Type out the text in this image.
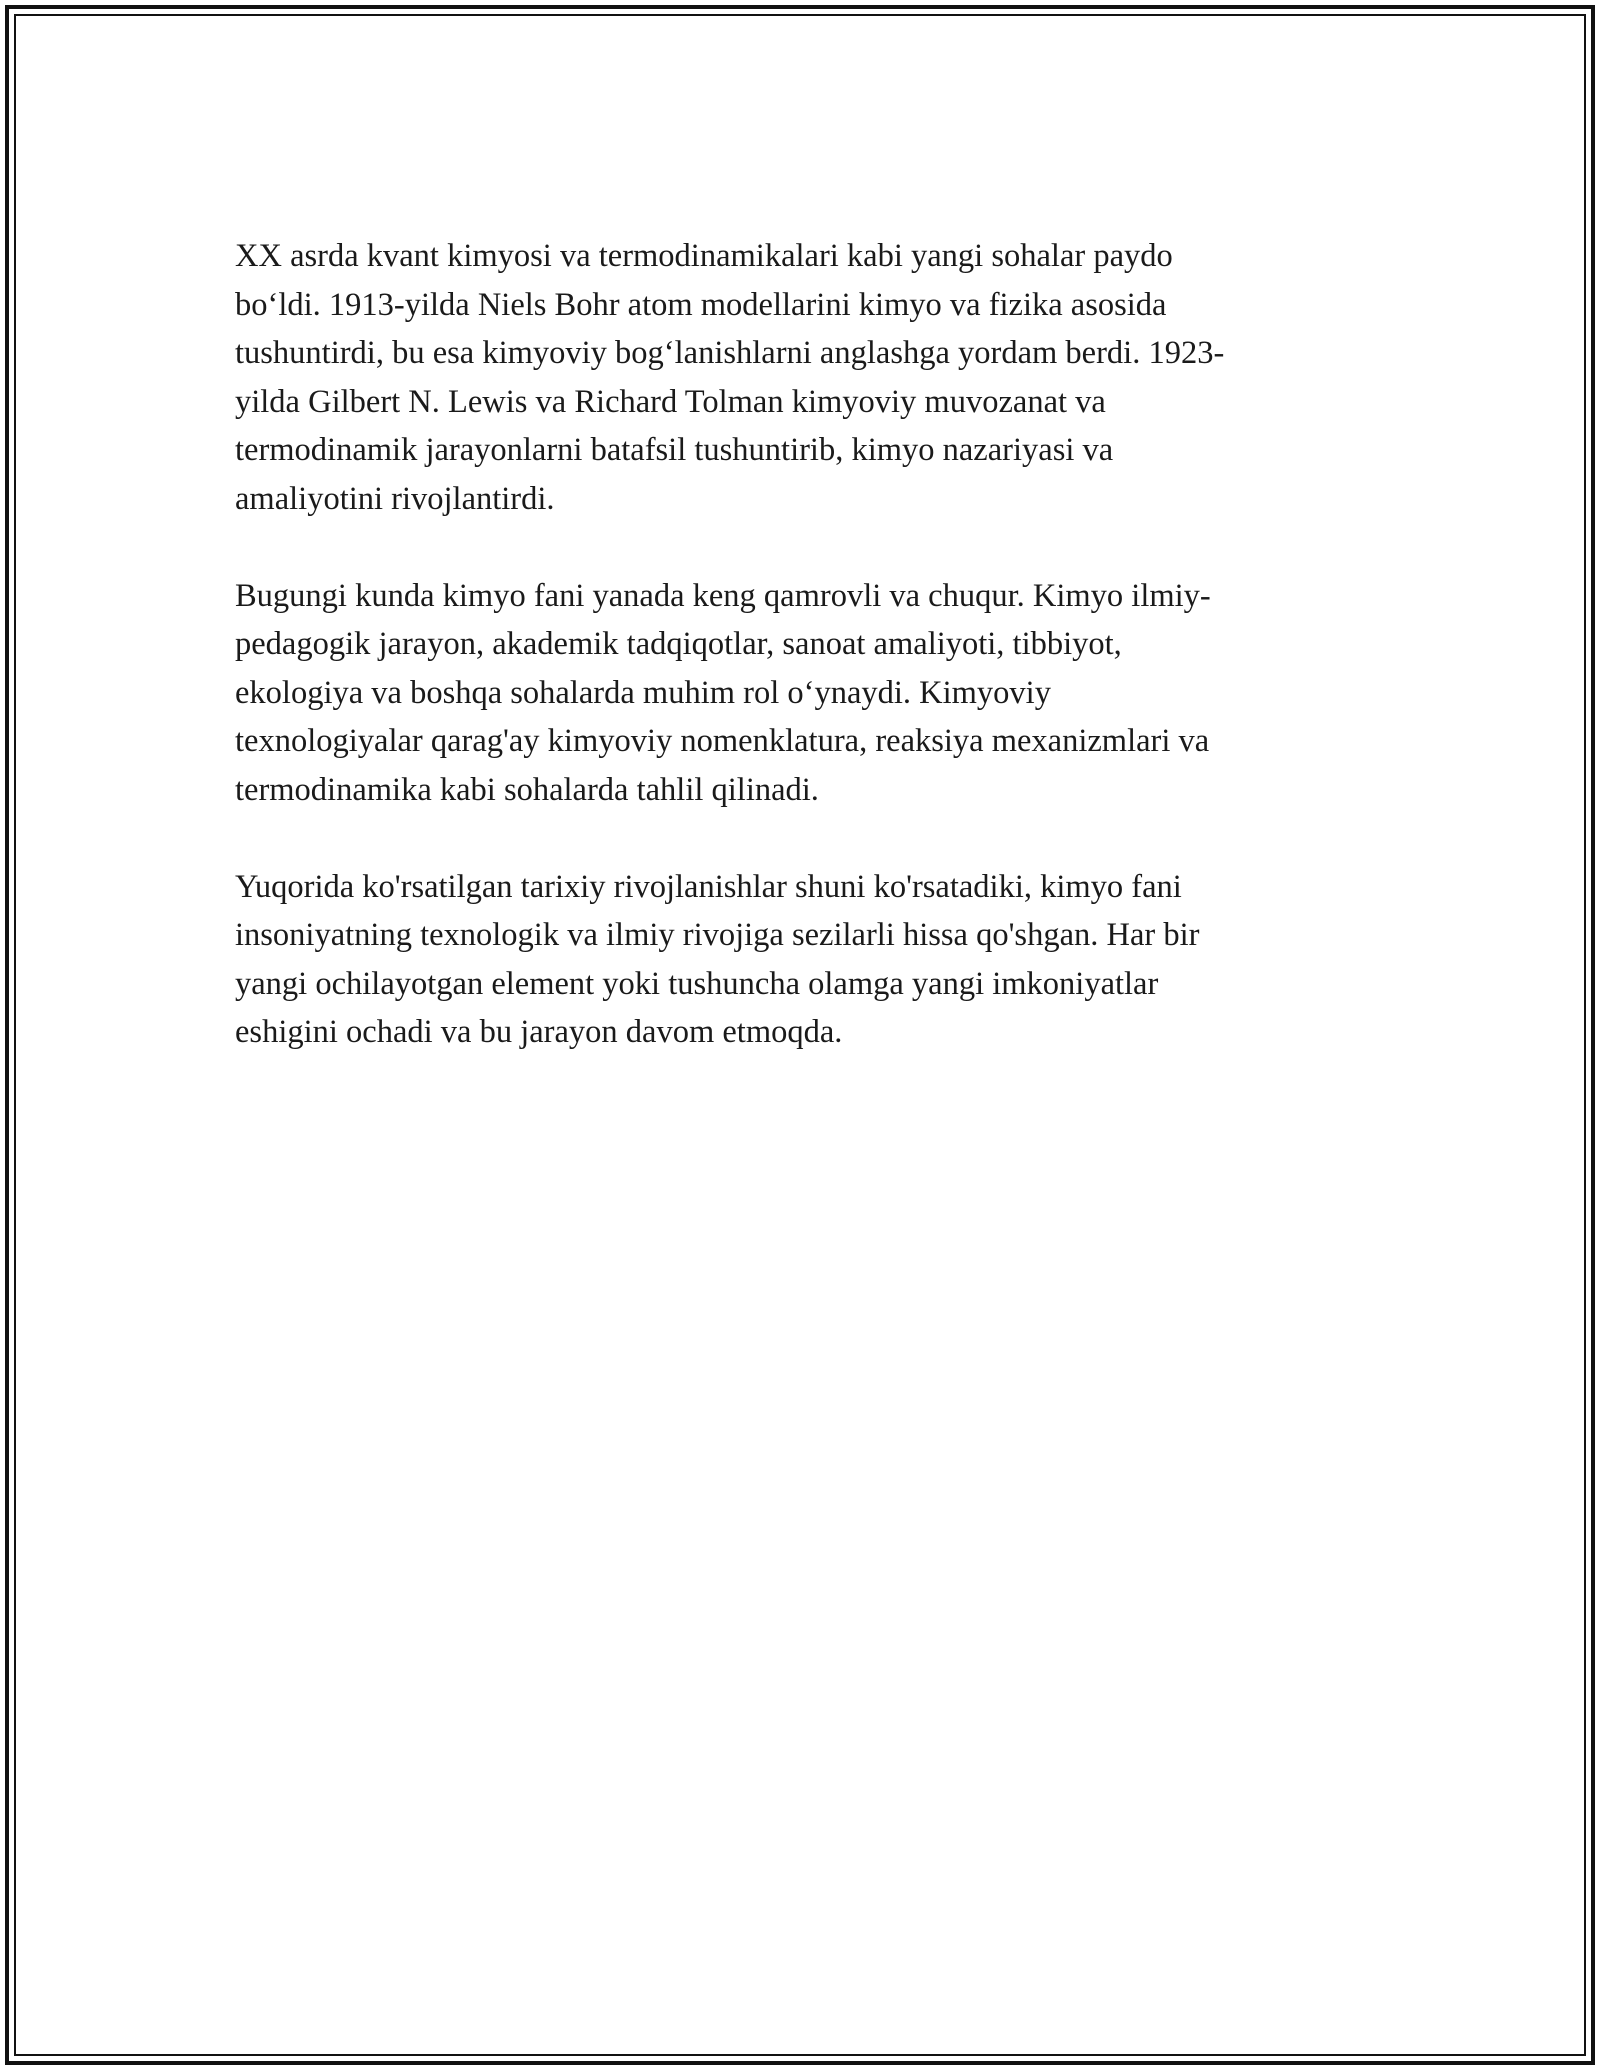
XX asrda kvant kimyosi va termodinamikalari kabi yangi sohalar paydo
bo‘ldi. 1913-yilda Niels Bohr atom modellarini kimyo va fizika asosida
tushuntirdi, bu esa kimyoviy bog‘lanishlarni anglashga yordam berdi. 1923-
yilda Gilbert N. Lewis va Richard Tolman kimyoviy muvozanat va
termodinamik jarayonlarni batafsil tushuntirib, kimyo nazariyasi va
amaliyotini rivojlantirdi.

Bugungi kunda kimyo fani yanada keng qamrovli va chuqur. Kimyo ilmiy-
pedagogik jarayon, akademik tadqiqotlar, sanoat amaliyoti, tibbiyot,
ekologiya va boshqa sohalarda muhim rol o‘ynaydi. Kimyoviy
texnologiyalar qarag'ay kimyoviy nomenklatura, reaksiya mexanizmlari va
termodinamika kabi sohalarda tahlil qilinadi.

Yuqorida ko'rsatilgan tarixiy rivojlanishlar shuni ko'rsatadiki, kimyo fani
insoniyatning texnologik va ilmiy rivojiga sezilarli hissa qo'shgan. Har bir
yangi ochilayotgan element yoki tushuncha olamga yangi imkoniyatlar
eshigini ochadi va bu jarayon davom etmoqda.
